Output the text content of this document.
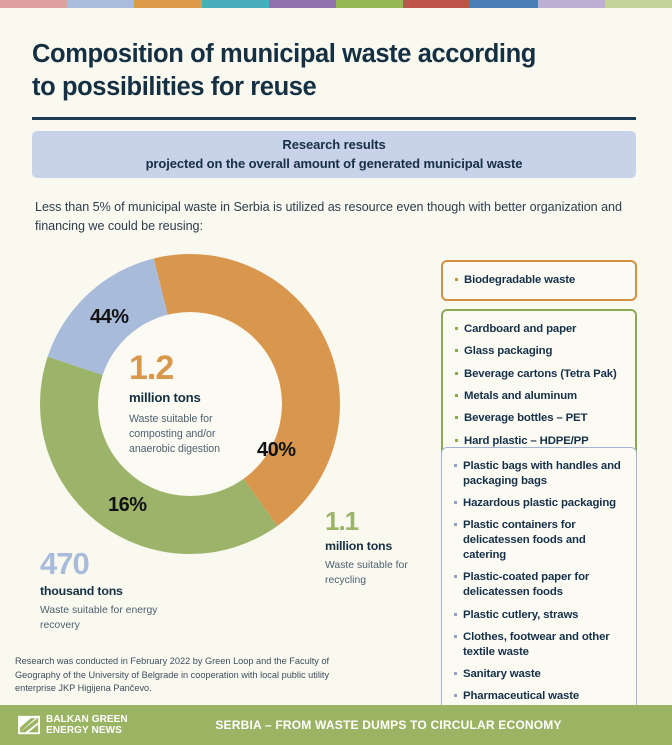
Composition of municipal waste according
to possibilities for reuse
Research results
projected on the overall amount of generated municipal waste
Less than 5% of municipal waste in Serbia is utilized as resource even though with better organization and financing we could be reusing:
1.2
million tons
Waste suitable for composting and/or anaerobic digestion
44%
40%
16%
1.1
million tons
Waste suitable for recycling
470
thousand tons
Waste suitable for energy recovery
Biodegradable waste
Cardboard and paper
Glass packaging
Beverage cartons (Tetra Pak)
Metals and aluminum
Beverage bottles – PET
Hard plastic – HDPE/PP
Plastic bags with handles and packaging bags
Hazardous plastic packaging
Plastic containers for delicatessen foods and catering
Plastic-coated paper for delicatessen foods
Plastic cutlery, straws
Clothes, footwear and other textile waste
Sanitary waste
Pharmaceutical waste
Research was conducted in February 2022 by Green Loop and the Faculty of Geography of the University of Belgrade in cooperation with local public utility enterprise JKP Higijena Pančevo.
BALKAN GREEN
ENERGY NEWS	SERBIA – FROM WASTE DUMPS TO CIRCULAR ECONOMY
